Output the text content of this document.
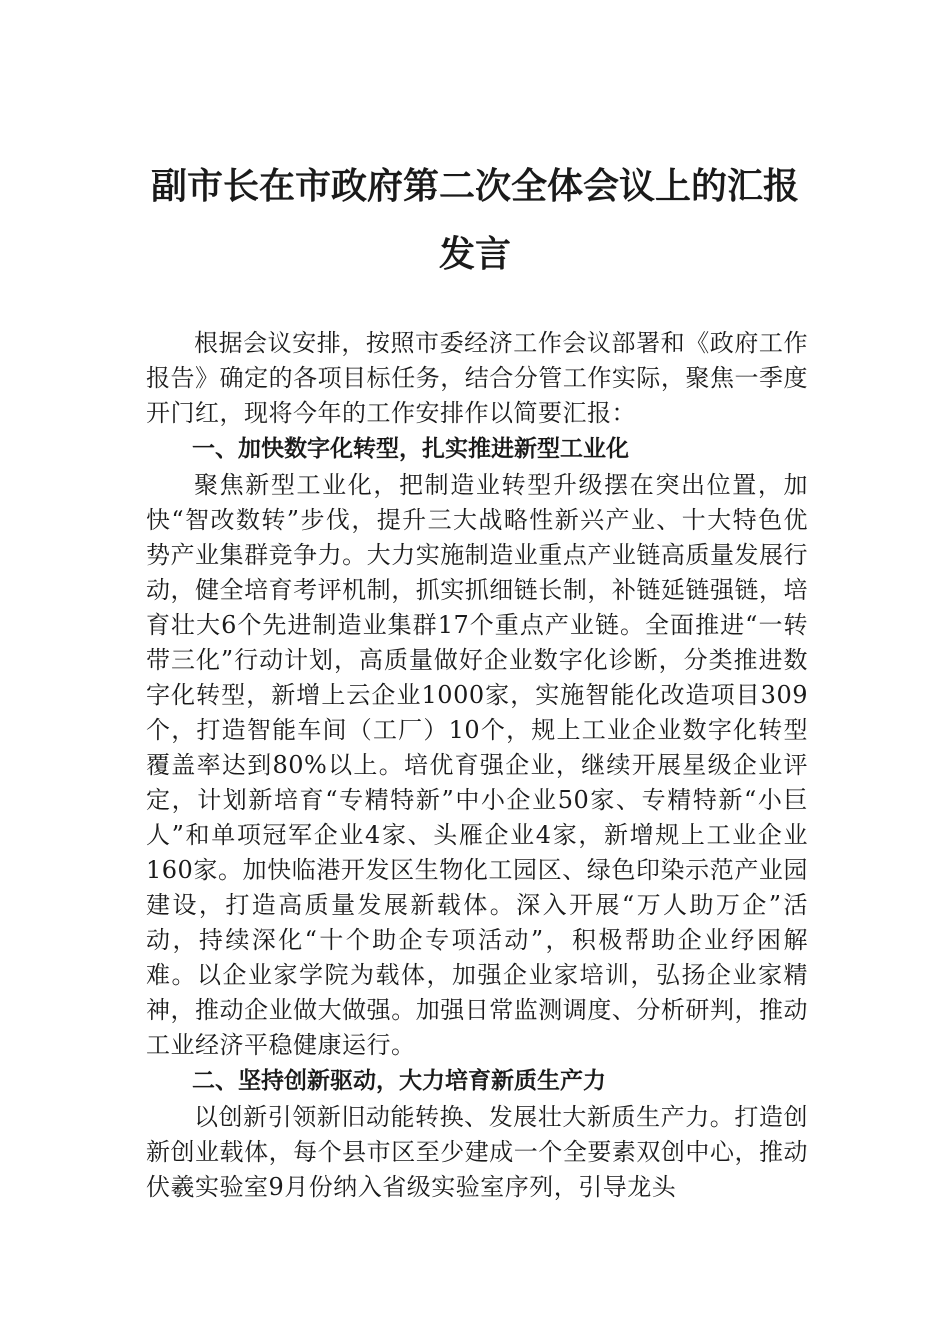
副市长在市政府第二次全体会议上的汇报
发言

根据会议安排，按照市委经济工作会议部署和《政府工作报告》确定的各项目标任务，结合分管工作实际，聚焦一季度开门红，现将今年的工作安排作以简要汇报：

一、加快数字化转型，扎实推进新型工业化

聚焦新型工业化，把制造业转型升级摆在突出位置，加快“智改数转”步伐，提升三大战略性新兴产业、十大特色优势产业集群竞争力。大力实施制造业重点产业链高质量发展行动，健全培育考评机制，抓实抓细链长制，补链延链强链，培育壮大6个先进制造业集群17个重点产业链。全面推进“一转带三化”行动计划，高质量做好企业数字化诊断，分类推进数字化转型，新增上云企业1000家，实施智能化改造项目309个，打造智能车间（工厂）10个，规上工业企业数字化转型覆盖率达到80%以上。培优育强企业，继续开展星级企业评定，计划新培育“专精特新”中小企业50家、专精特新“小巨人”和单项冠军企业4家、头雁企业4家，新增规上工业企业160家。加快临港开发区生物化工园区、绿色印染示范产业园建设，打造高质量发展新载体。深入开展“万人助万企”活动，持续深化“十个助企专项活动”，积极帮助企业纾困解难。以企业家学院为载体，加强企业家培训，弘扬企业家精神，推动企业做大做强。加强日常监测调度、分析研判，推动工业经济平稳健康运行。

二、坚持创新驱动，大力培育新质生产力

以创新引领新旧动能转换、发展壮大新质生产力。打造创新创业载体，每个县市区至少建成一个全要素双创中心，推动伏羲实验室9月份纳入省级实验室序列，引导龙头
